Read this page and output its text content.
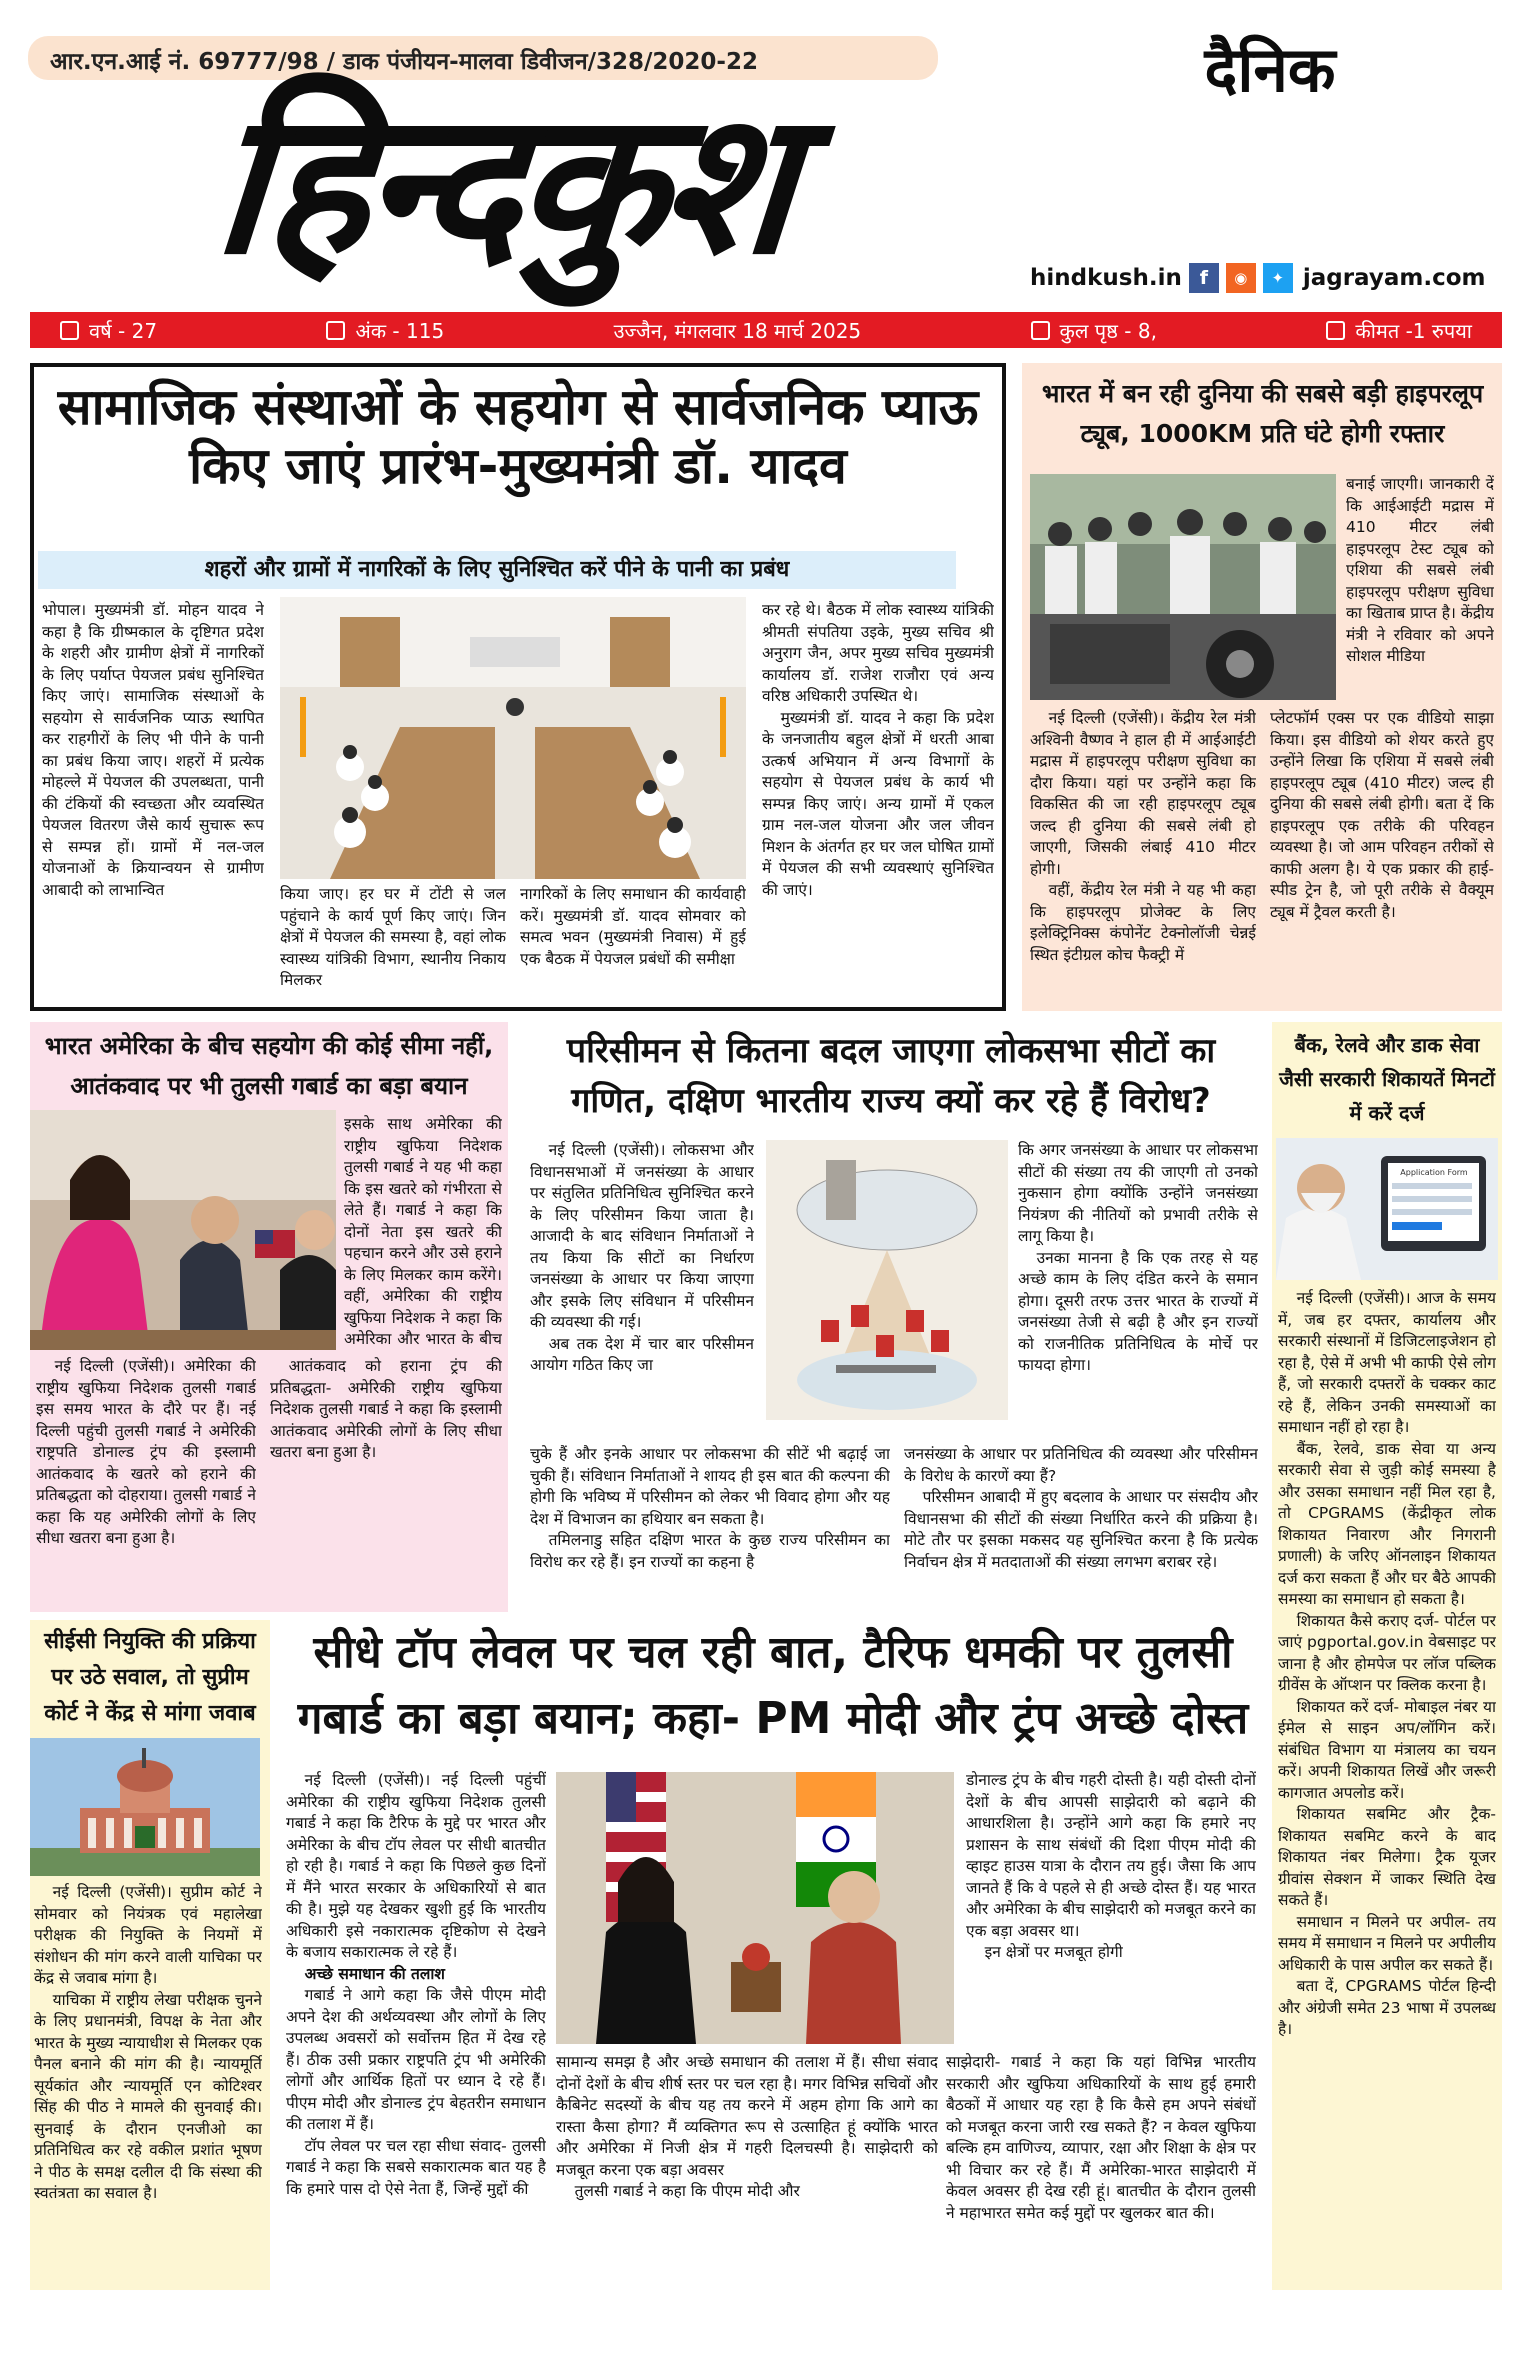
आर.एन.आई नं. 69777/98 / डाक पंजीयन-मालवा डिवीजन/328/2020-22	दैनिक
हिन्दकुश	hindkush.in f	◉	✦ jagrayam.com
वर्ष - 27	अंक - 115	उज्जैन, मंगलवार 18 मार्च 2025	कुल पृष्ठ - 8,	कीमत -1 रुपया
सामाजिक संस्थाओं के सहयोग से सार्वजनिक प्याऊ किए जाएं प्रारंभ-मुख्यमंत्री डॉ. यादव
शहरों और ग्रामों में नागरिकों के लिए सुनिश्चित करें पीने के पानी का प्रबंध

भोपाल। मुख्यमंत्री डॉ. मोहन यादव ने कहा है कि ग्रीष्मकाल के दृष्टिगत प्रदेश के शहरी और ग्रामीण क्षेत्रों में नागरिकों के लिए पर्याप्त पेयजल प्रबंध सुनिश्चित किए जाएं। सामाजिक संस्थाओं के सहयोग से सार्वजनिक प्याऊ स्थापित कर राहगीरों के लिए भी पीने के पानी का प्रबंध किया जाए। शहरों में प्रत्येक मोहल्ले में पेयजल की उपलब्धता, पानी की टंकियों की स्वच्छता और व्यवस्थित पेयजल वितरण जैसे कार्य सुचारू रूप से सम्पन्न हों। ग्रामों में नल-जल योजनाओं के क्रियान्वयन से ग्रामीण आबादी को लाभान्वित	किया जाए। हर घर में टोंटी से जल पहुंचाने के कार्य पूर्ण किए जाएं। जिन क्षेत्रों में पेयजल की समस्या है, वहां लोक स्वास्थ्य यांत्रिकी विभाग, स्थानीय निकाय मिलकर

नागरिकों के लिए समाधान की कार्यवाही करें। मुख्यमंत्री डॉ. यादव सोमवार को समत्व भवन (मुख्यमंत्री निवास) में हुई एक बैठक में पेयजल प्रबंधों की समीक्षा

कर रहे थे। बैठक में लोक स्वास्थ्य यांत्रिकी श्रीमती संपतिया उइके, मुख्य सचिव श्री अनुराग जैन, अपर मुख्य सचिव मुख्यमंत्री कार्यालय डॉ. राजेश राजौरा एवं अन्य वरिष्ठ अधिकारी उपस्थित थे।

मुख्यमंत्री डॉ. यादव ने कहा कि प्रदेश के जनजातीय बहुल क्षेत्रों में धरती आबा उत्कर्ष अभियान में अन्य विभागों के सहयोग से पेयजल प्रबंध के कार्य भी सम्पन्न किए जाएं। अन्य ग्रामों में एकल ग्राम नल-जल योजना और जल जीवन मिशन के अंतर्गत हर घर जल घोषित ग्रामों में पेयजल की सभी व्यवस्थाएं सुनिश्चित की जाएं।

भारत में बन रही दुनिया की सबसे बड़ी हाइपरलूप ट्यूब, 1000KM प्रति घंटे होगी रफ्तार

बनाई जाएगी। जानकारी दें कि आईआईटी मद्रास में 410 मीटर लंबी हाइपरलूप टेस्ट ट्यूब को एशिया की सबसे लंबी हाइपरलूप परीक्षण सुविधा का खिताब प्राप्त है। केंद्रीय मंत्री ने रविवार को अपने सोशल मीडिया

नई दिल्ली (एजेंसी)। केंद्रीय रेल मंत्री अश्विनी वैष्णव ने हाल ही में आईआईटी मद्रास में हाइपरलूप परीक्षण सुविधा का दौरा किया। यहां पर उन्होंने कहा कि विकसित की जा रही हाइपरलूप ट्यूब जल्द ही दुनिया की सबसे लंबी हो जाएगी, जिसकी लंबाई 410 मीटर होगी।

वहीं, केंद्रीय रेल मंत्री ने यह भी कहा कि हाइपरलूप प्रोजेक्ट के लिए इलेक्ट्रिनिक्स कंपोनेंट टेक्नोलॉजी चेन्नई स्थित इंटीग्रल कोच फैक्ट्री में

प्लेटफॉर्म एक्स पर एक वीडियो साझा किया। इस वीडियो को शेयर करते हुए उन्होंने लिखा कि एशिया में सबसे लंबी हाइपरलूप ट्यूब (410 मीटर) जल्द ही दुनिया की सबसे लंबी होगी। बता दें कि हाइपरलूप एक तरीके की परिवहन व्यवस्था है। जो आम परिवहन तरीकों से काफी अलग है। ये एक प्रकार की हाई-स्पीड ट्रेन है, जो पूरी तरीके से वैक्यूम ट्यूब में ट्रैवल करती है।

भारत अमेरिका के बीच सहयोग की कोई सीमा नहीं, आतंकवाद पर भी तुलसी गबार्ड का बड़ा बयान

इसके साथ अमेरिका की राष्ट्रीय खुफिया निदेशक तुलसी गबार्ड ने यह भी कहा कि इस खतरे को गंभीरता से लेते हैं। गबार्ड ने कहा कि दोनों नेता इस खतरे की पहचान करने और उसे हराने के लिए मिलकर काम करेंगे। वहीं, अमेरिका की राष्ट्रीय खुफिया निदेशक ने कहा कि अमेरिका और भारत के बीच

नई दिल्ली (एजेंसी)। अमेरिका की राष्ट्रीय खुफिया निदेशक तुलसी गबार्ड इस समय भारत के दौरे पर हैं। नई दिल्ली पहुंची तुलसी गबार्ड ने अमेरिकी राष्ट्रपति डोनाल्ड ट्रंप की इस्लामी आतंकवाद के खतरे को हराने की प्रतिबद्धता को दोहराया। तुलसी गबार्ड ने कहा कि यह अमेरिकी लोगों के लिए सीधा खतरा बना हुआ है।

आतंकवाद को हराना ट्रंप की प्रतिबद्धता- अमेरिकी राष्ट्रीय खुफिया निदेशक तुलसी गबार्ड ने कहा कि इस्लामी आतंकवाद अमेरिकी लोगों के लिए सीधा खतरा बना हुआ है।

परिसीमन से कितना बदल जाएगा लोकसभा सीटों का गणित, दक्षिण भारतीय राज्य क्यों कर रहे हैं विरोध?

नई दिल्ली (एजेंसी)। लोकसभा और विधानसभाओं में जनसंख्या के आधार पर संतुलित प्रतिनिधित्व सुनिश्चित करने के लिए परिसीमन किया जाता है। आजादी के बाद संविधान निर्माताओं ने तय किया कि सीटों का निर्धारण जनसंख्या के आधार पर किया जाएगा और इसके लिए संविधान में परिसीमन की व्यवस्था की गई।

अब तक देश में चार बार परिसीमन आयोग गठित किए जा

कि अगर जनसंख्या के आधार पर लोकसभा सीटों की संख्या तय की जाएगी तो उनको नुकसान होगा क्योंकि उन्होंने जनसंख्या नियंत्रण की नीतियों को प्रभावी तरीके से लागू किया है।

उनका मानना है कि एक तरह से यह अच्छे काम के लिए दंडित करने के समान होगा। दूसरी तरफ उत्तर भारत के राज्यों में जनसंख्या तेजी से बढ़ी है और इन राज्यों को राजनीतिक प्रतिनिधित्व के मोर्चे पर फायदा होगा।

चुके हैं और इनके आधार पर लोकसभा की सीटें भी बढ़ाई जा चुकी हैं। संविधान निर्माताओं ने शायद ही इस बात की कल्पना की होगी कि भविष्य में परिसीमन को लेकर भी विवाद होगा और यह देश में विभाजन का हथियार बन सकता है।

तमिलनाडु सहित दक्षिण भारत के कुछ राज्य परिसीमन का विरोध कर रहे हैं। इन राज्यों का कहना है

जनसंख्या के आधार पर प्रतिनिधित्व की व्यवस्था और परिसीमन के विरोध के कारणें क्या हैं?

परिसीमन आबादी में हुए बदलाव के आधार पर संसदीय और विधानसभा की सीटों की संख्या निर्धारित करने की प्रक्रिया है। मोटे तौर पर इसका मकसद यह सुनिश्चित करना है कि प्रत्येक निर्वाचन क्षेत्र में मतदाताओं की संख्या लगभग बराबर रहे।

बैंक, रेलवे और डाक सेवा जैसी सरकारी शिकायतें मिनटों में करें दर्ज
Application Form

नई दिल्ली (एजेंसी)। आज के समय में, जब हर दफ्तर, कार्यालय और सरकारी संस्थानों में डिजिटलाइजेशन हो रहा है, ऐसे में अभी भी काफी ऐसे लोग हैं, जो सरकारी दफ्तरों के चक्कर काट रहे हैं, लेकिन उनकी समस्याओं का समाधान नहीं हो रहा है।

बैंक, रेलवे, डाक सेवा या अन्य सरकारी सेवा से जुड़ी कोई समस्या है और उसका समाधान नहीं मिल रहा है, तो CPGRAMS (केंद्रीकृत लोक शिकायत निवारण और निगरानी प्रणाली) के जरिए ऑनलाइन शिकायत दर्ज करा सकता हैं और घर बैठे आपकी समस्या का समाधान हो सकता है।

शिकायत कैसे कराए दर्ज- पोर्टल पर जाएं pgportal.gov.in वेबसाइट पर जाना है और होमपेज पर लॉज पब्लिक ग्रीवेंस के ऑप्शन पर क्लिक करना है।

शिकायत करें दर्ज- मोबाइल नंबर या ईमेल से साइन अप/लॉगिन करें। संबंधित विभाग या मंत्रालय का चयन करें। अपनी शिकायत लिखें और जरूरी कागजात अपलोड करें।

शिकायत सबमिट और ट्रैक- शिकायत सबमिट करने के बाद शिकायत नंबर मिलेगा। ट्रैक यूजर ग्रीवांस सेक्शन में जाकर स्थिति देख सकते हैं।

समाधान न मिलने पर अपील- तय समय में समाधान न मिलने पर अपीलीय अधिकारी के पास अपील कर सकते हैं।

बता दें, CPGRAMS पोर्टल हिन्दी और अंग्रेजी समेत 23 भाषा में उपलब्ध है।

सीईसी नियुक्ति की प्रक्रिया पर उठे सवाल, तो सुप्रीम कोर्ट ने केंद्र से मांगा जवाब

नई दिल्ली (एजेंसी)। सुप्रीम कोर्ट ने सोमवार को नियंत्रक एवं महालेखा परीक्षक की नियुक्ति के नियमों में संशोधन की मांग करने वाली याचिका पर केंद्र से जवाब मांगा है।

याचिका में राष्ट्रीय लेखा परीक्षक चुनने के लिए प्रधानमंत्री, विपक्ष के नेता और भारत के मुख्य न्यायाधीश से मिलकर एक पैनल बनाने की मांग की है। न्यायमूर्ति सूर्यकांत और न्यायमूर्ति एन कोटिश्वर सिंह की पीठ ने मामले की सुनवाई की। सुनवाई के दौरान एनजीओ का प्रतिनिधित्व कर रहे वकील प्रशांत भूषण ने पीठ के समक्ष दलील दी कि संस्था की स्वतंत्रता का सवाल है।

सीधे टॉप लेवल पर चल रही बात, टैरिफ धमकी पर तुलसी गबार्ड का बड़ा बयान; कहा- PM मोदी और ट्रंप अच्छे दोस्त

नई दिल्ली (एजेंसी)। नई दिल्ली पहुंचीं अमेरिका की राष्ट्रीय खुफिया निदेशक तुलसी गबार्ड ने कहा कि टैरिफ के मुद्दे पर भारत और अमेरिका के बीच टॉप लेवल पर सीधी बातचीत हो रही है। गबार्ड ने कहा कि पिछले कुछ दिनों में मैंने भारत सरकार के अधिकारियों से बात की है। मुझे यह देखकर खुशी हुई कि भारतीय अधिकारी इसे नकारात्मक दृष्टिकोण से देखने के बजाय सकारात्मक ले रहे हैं।

अच्छे समाधान की तलाश

गबार्ड ने आगे कहा कि जैसे पीएम मोदी अपने देश की अर्थव्यवस्था और लोगों के लिए उपलब्ध अवसरों को सर्वोत्तम हित में देख रहे हैं। ठीक उसी प्रकार राष्ट्रपति ट्रंप भी अमेरिकी लोगों और आर्थिक हितों पर ध्यान दे रहे हैं। पीएम मोदी और डोनाल्ड ट्रंप बेहतरीन समाधान की तलाश में हैं।

टॉप लेवल पर चल रहा सीधा संवाद- तुलसी गबार्ड ने कहा कि सबसे सकारात्मक बात यह है कि हमारे पास दो ऐसे नेता हैं, जिन्हें मुद्दों की

डोनाल्ड ट्रंप के बीच गहरी दोस्ती है। यही दोस्ती दोनों देशों के बीच आपसी साझेदारी को बढ़ाने की आधारशिला है। उन्होंने आगे कहा कि हमारे नए प्रशासन के साथ संबंधों की दिशा पीएम मोदी की व्हाइट हाउस यात्रा के दौरान तय हुई। जैसा कि आप जानते हैं कि वे पहले से ही अच्छे दोस्त हैं। यह भारत और अमेरिका के बीच साझेदारी को मजबूत करने का एक बड़ा अवसर था।

इन क्षेत्रों पर मजबूत होगी

सामान्य समझ है और अच्छे समाधान की तलाश में हैं। सीधा संवाद दोनों देशों के बीच शीर्ष स्तर पर चल रहा है। मगर विभिन्न सचिवों और कैबिनेट सदस्यों के बीच यह तय करने में अहम होगा कि आगे का रास्ता कैसा होगा? मैं व्यक्तिगत रूप से उत्साहित हूं क्योंकि भारत और अमेरिका में निजी क्षेत्र में गहरी दिलचस्पी है। साझेदारी को मजबूत करना एक बड़ा अवसर

तुलसी गबार्ड ने कहा कि पीएम मोदी और

साझेदारी- गबार्ड ने कहा कि यहां विभिन्न भारतीय सरकारी और खुफिया अधिकारियों के साथ हुई हमारी बैठकों में आधार यह रहा है कि कैसे हम अपने संबंधों को मजबूत करना जारी रख सकते हैं? न केवल खुफिया बल्कि हम वाणिज्य, व्यापार, रक्षा और शिक्षा के क्षेत्र पर भी विचार कर रहे हैं। मैं अमेरिका-भारत साझेदारी में केवल अवसर ही देख रही हूं। बातचीत के दौरान तुलसी ने महाभारत समेत कई मुद्दों पर खुलकर बात की।
